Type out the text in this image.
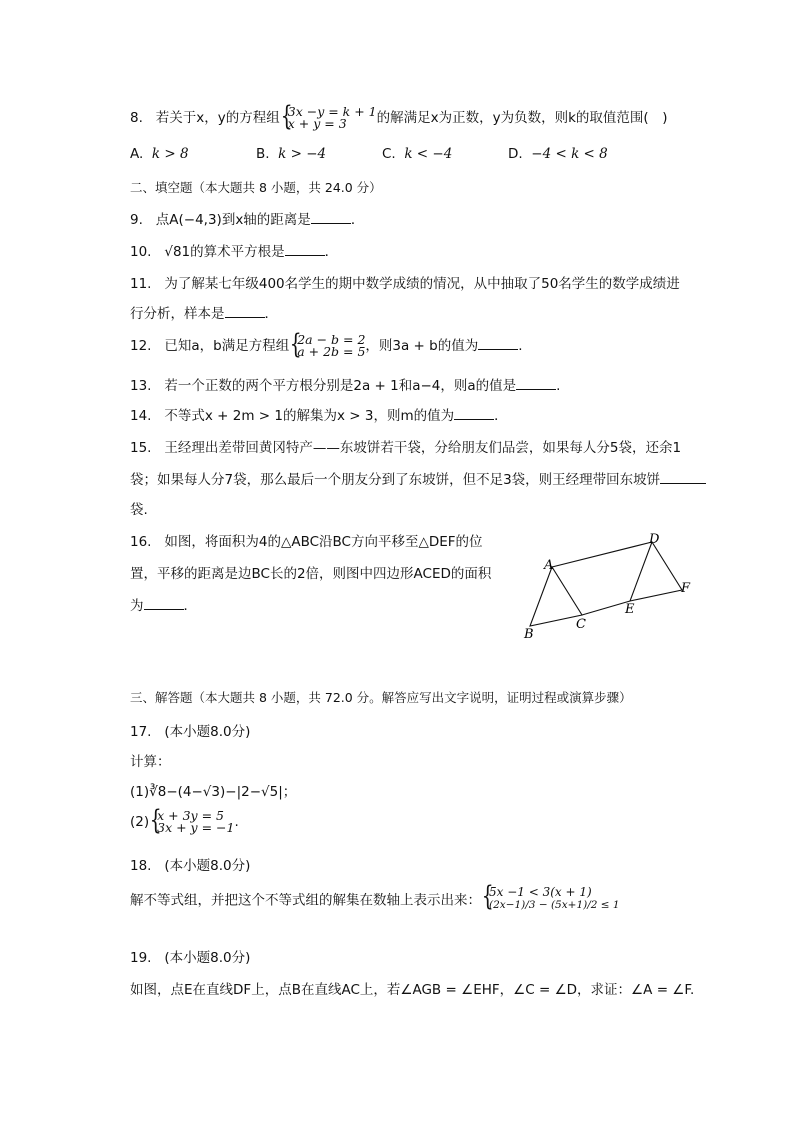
8. 若关于x，y的方程组 { 3x −y = k + 1
x + y = 3 的解满足x为正数，y为负数，则k的取值范围(　)
A. k > 8	B. k > −4	C. k < −4	D. −4 < k < 8
二、填空题（本大题共 8 小题，共 24.0 分）
9. 点A(−4,3)到x轴的距离是	．
10. √81的算术平方根是	．
11. 为了解某七年级400名学生的期中数学成绩的情况，从中抽取了50名学生的数学成绩进
行分析，样本是	．
12. 已知a，b满足方程组 { 2a − b = 2
a + 2b = 5，则3a + b的值为	.
13. 若一个正数的两个平方根分别是2a + 1和a−4，则a的值是	.
14. 不等式x + 2m > 1的解集为x > 3，则m的值为	．
15. 王经理出差带回黄冈特产——东坡饼若干袋，分给朋友们品尝，如果每人分5袋，还余1
袋；如果每人分7袋，那么最后一个朋友分到了东坡饼，但不足3袋，则王经理带回东坡饼
袋.
16. 如图，将面积为4的△ABC沿BC方向平移至△DEF的位
置，平移的距离是边BC长的2倍，则图中四边形ACED的面积
为	．
A
B
C
D
E
F
三、解答题（本大题共 8 小题，共 72.0 分。解答应写出文字说明，证明过程或演算步骤）
17. (本小题8.0分)
计算：
(1)∛8−(4−√3)−|2−√5|；
(2) { x + 3y = 5
3x + y = −1.
18. (本小题8.0分)
解不等式组，并把这个不等式组的解集在数轴上表示出来：{ 5x −1 < 3(x + 1)
(2x−1)/3 − (5x+1)/2 ≤ 1
19. (本小题8.0分)
如图，点E在直线DF上，点B在直线AC上，若∠AGB = ∠EHF，∠C = ∠D，求证：∠A = ∠F.
